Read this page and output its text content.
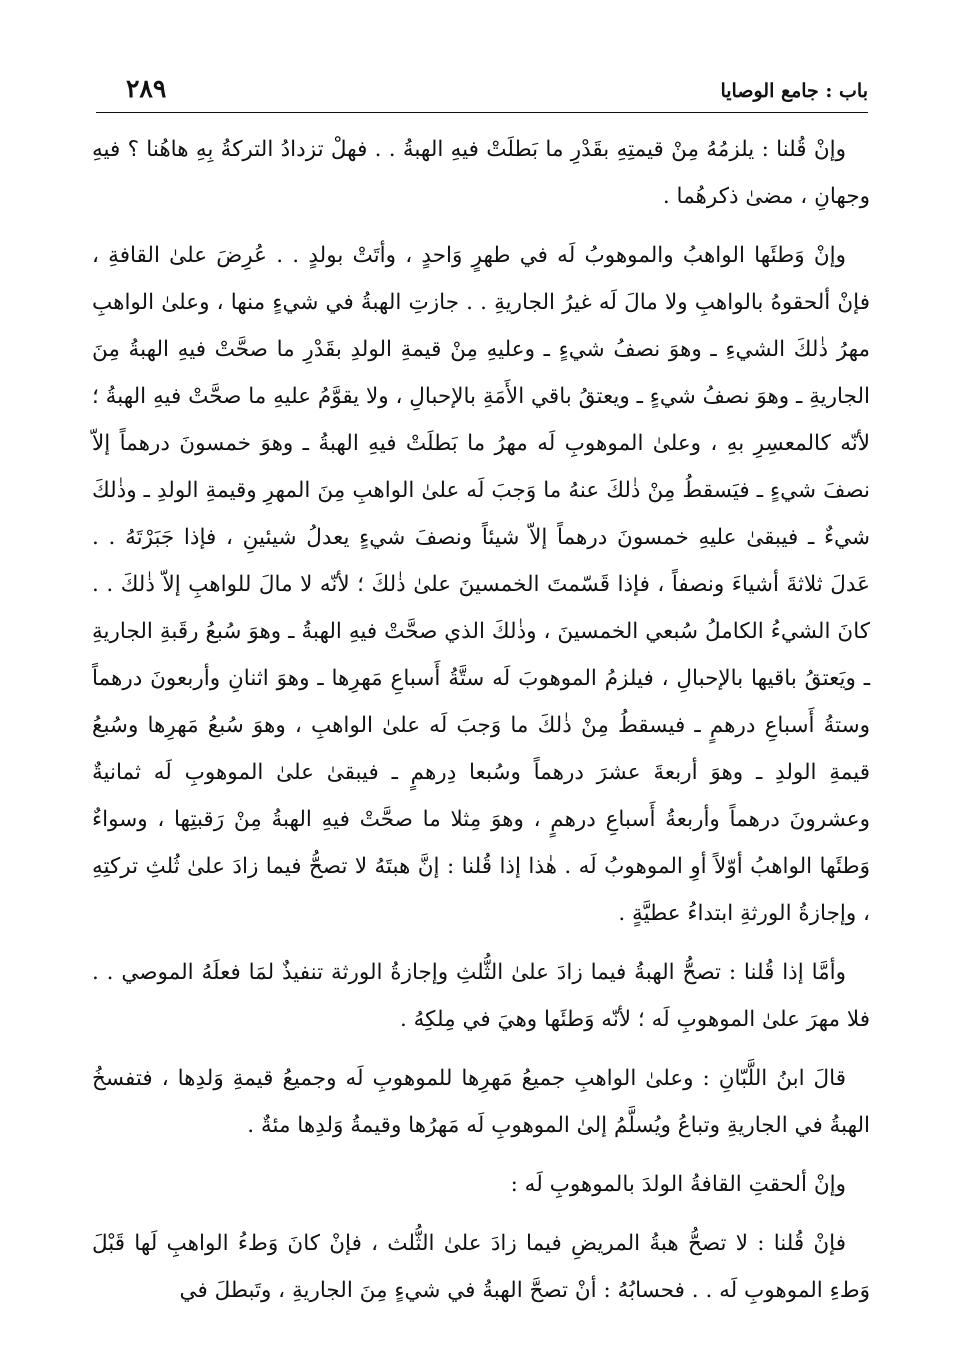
باب : جامع الوصايا
٢٨٩

وإنْ قُلنا : يلزمُهُ مِنْ قيمتِهِ بقَدْرِ ما بَطلَتْ فيهِ الهبةُ . . فهلْ تزدادُ التركةُ بِهِ هاهُنا ؟ فيهِ وجهانِ ، مضىٰ ذكرهُما .

وإنْ وَطئَها الواهبُ والموهوبُ لَه في طهرٍ وَاحدٍ ، وأتَتْ بولدٍ . . عُرِضَ علىٰ القافةِ ، فإنْ ألحقوهُ بالواهبِ ولا مالَ لَه غيرُ الجاريةِ . . جازتِ الهبةُ في شيءٍ منها ، وعلىٰ الواهبِ مهرُ ذٰلكَ الشيءِ ـ وهوَ نصفُ شيءٍ ـ وعليهِ مِنْ قيمةِ الولدِ بقَدْرِ ما صحَّتْ فيهِ الهبةُ مِنَ الجاريةِ ـ وهوَ نصفُ شيءٍ ـ ويعتقُ باقي الأَمَةِ بالإحبالِ ، ولا يقوَّمُ عليهِ ما صحَّتْ فيهِ الهبةُ ؛ لأنّه كالمعسِرِ بهِ ، وعلىٰ الموهوبِ لَه مهرُ ما بَطلَتْ فيهِ الهبةُ ـ وهوَ خمسونَ درهماً إلاّ نصفَ شيءٍ ـ فيَسقطُ مِنْ ذٰلكَ عنهُ ما وَجبَ لَه علىٰ الواهبِ مِنَ المهرِ وقيمةِ الولدِ ـ وذٰلكَ شيءٌ ـ فيبقىٰ عليهِ خمسونَ درهماً إلاّ شيئاً ونصفَ شيءٍ يعدلُ شيئينِ ، فإذا جَبَرْتَهُ . . عَدلَ ثلاثةَ أشياءَ ونصفاً ، فإذا قَسّمتَ الخمسينَ علىٰ ذٰلكَ ؛ لأنّه لا مالَ للواهبِ إلاّ ذٰلكَ . . كانَ الشيءُ الكاملُ سُبعي الخمسينَ ، وذٰلكَ الذي صحَّتْ فيهِ الهبةُ ـ وهوَ سُبعُ رقَبةِ الجاريةِ ـ ويَعتقُ باقيها بالإحبالِ ، فيلزمُ الموهوبَ لَه ستَّةُ أَسباعِ مَهرِها ـ وهوَ اثنانِ وأربعونَ درهماً وستةُ أَسباعِ درهمٍ ـ فيسقطُ مِنْ ذٰلكَ ما وَجبَ لَه علىٰ الواهبِ ، وهوَ سُبعُ مَهرِها وسُبعُ قيمةِ الولدِ ـ وهوَ أربعةَ عشرَ درهماً وسُبعا دِرهمٍ ـ فيبقىٰ علىٰ الموهوبِ لَه ثمانيةٌ وعشرونَ درهماً وأربعةُ أَسباعِ درهمٍ ، وهوَ مِثلا ما صحَّتْ فيهِ الهبةُ مِنْ رَقبتِها ، وسواءٌ وَطئَها الواهبُ أوّلاً أوِ الموهوبُ لَه . هٰذا إذا قُلنا : إنَّ هبتَهُ لا تصحُّ فيما زادَ علىٰ ثُلثِ تركتِهِ ، وإجازةُ الورثةِ ابتداءُ عطيَّةٍ .

وأمَّا إذا قُلنا : تصحُّ الهبةُ فيما زادَ علىٰ الثُّلثِ وإجازةُ الورثة تنفيذٌ لمَا فعلَهُ الموصي . . فلا مهرَ علىٰ الموهوبِ لَه ؛ لأنّه وَطئَها وهيَ في مِلكِهُ .

قالَ ابنُ اللَّبّانِ : وعلىٰ الواهبِ جميعُ مَهرِها للموهوبِ لَه وجميعُ قيمةِ وَلدِها ، فتفسخُ الهبةُ في الجاريةِ وتباعُ ويُسلَّمُ إلىٰ الموهوبِ لَه مَهرُها وقيمةُ وَلدِها مئةٌ .

وإنْ ألحقتِ القافةُ الولدَ بالموهوبِ لَه :

فإنْ قُلنا : لا تصحُّ هبةُ المريضِ فيما زادَ علىٰ الثُّلث ، فإنْ كانَ وَطءُ الواهبِ لَها قَبْلَ وَطءِ الموهوبِ لَه . . فحسابُهُ : أنْ تصحَّ الهبةُ في شيءٍ مِنَ الجاريةِ ، وتَبطلَ في
